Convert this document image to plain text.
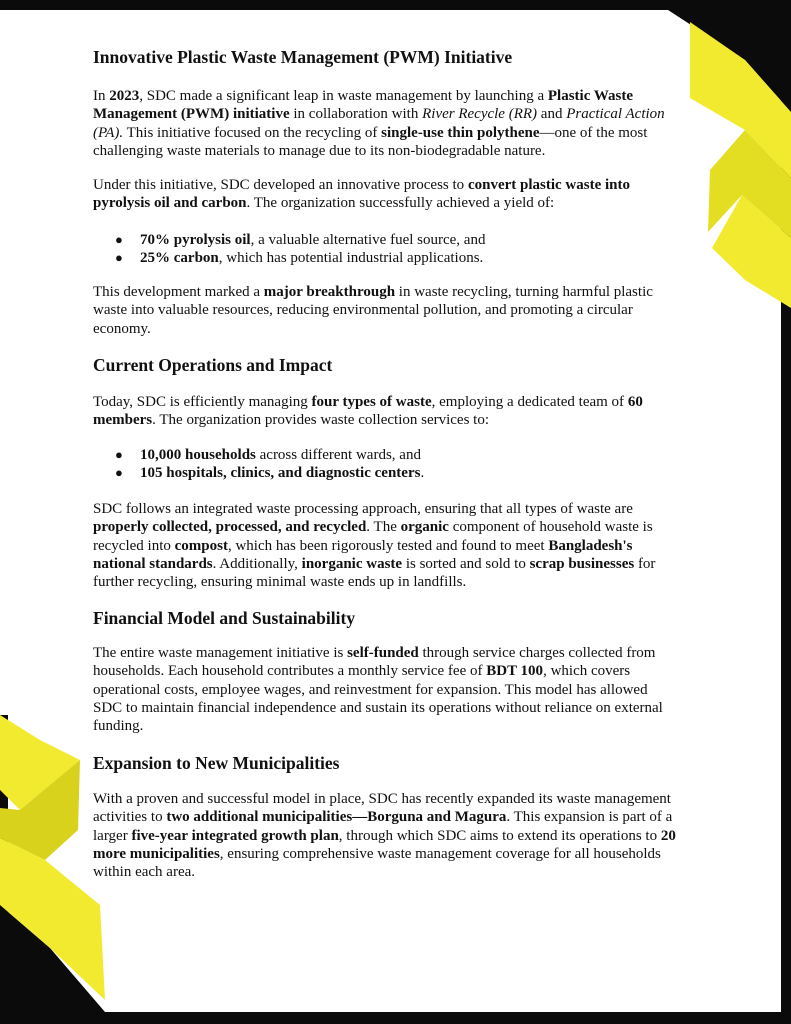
Innovative Plastic Waste Management (PWM) Initiative

In 2023, SDC made a significant leap in waste management by launching a Plastic Waste
Management (PWM) initiative in collaboration with River Recycle (RR) and Practical Action
(PA). This initiative focused on the recycling of single-use thin polythene—one of the most
challenging waste materials to manage due to its non-biodegradable nature.

Under this initiative, SDC developed an innovative process to convert plastic waste into
pyrolysis oil and carbon. The organization successfully achieved a yield of:

● 70% pyrolysis oil, a valuable alternative fuel source, and
● 25% carbon, which has potential industrial applications.

This development marked a major breakthrough in waste recycling, turning harmful plastic
waste into valuable resources, reducing environmental pollution, and promoting a circular
economy.

Current Operations and Impact

Today, SDC is efficiently managing four types of waste, employing a dedicated team of 60
members. The organization provides waste collection services to:

● 10,000 households across different wards, and
● 105 hospitals, clinics, and diagnostic centers.

SDC follows an integrated waste processing approach, ensuring that all types of waste are
properly collected, processed, and recycled. The organic component of household waste is
recycled into compost, which has been rigorously tested and found to meet Bangladesh's
national standards. Additionally, inorganic waste is sorted and sold to scrap businesses for
further recycling, ensuring minimal waste ends up in landfills.

Financial Model and Sustainability

The entire waste management initiative is self-funded through service charges collected from
households. Each household contributes a monthly service fee of BDT 100, which covers
operational costs, employee wages, and reinvestment for expansion. This model has allowed
SDC to maintain financial independence and sustain its operations without reliance on external
funding.

Expansion to New Municipalities

With a proven and successful model in place, SDC has recently expanded its waste management
activities to two additional municipalities—Borguna and Magura. This expansion is part of a
larger five-year integrated growth plan, through which SDC aims to extend its operations to 20
more municipalities, ensuring comprehensive waste management coverage for all households
within each area.
